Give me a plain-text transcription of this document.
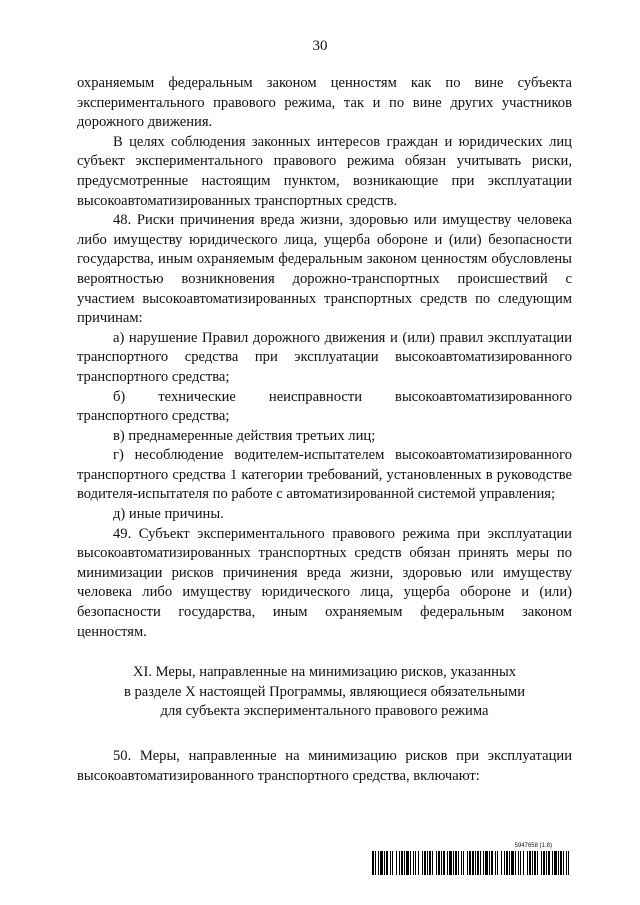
30

охраняемым федеральным законом ценностям как по вине субъекта экспериментального правового режима, так и по вине других участников дорожного движения.

В целях соблюдения законных интересов граждан и юридических лиц субъект экспериментального правового режима обязан учитывать риски, предусмотренные настоящим пунктом, возникающие при эксплуатации высокоавтоматизированных транспортных средств.

48. Риски причинения вреда жизни, здоровью или имуществу человека либо имуществу юридического лица, ущерба обороне и (или) безопасности государства, иным охраняемым федеральным законом ценностям обусловлены вероятностью возникновения дорожно-транспортных происшествий с участием высокоавтоматизированных транспортных средств по следующим причинам:

а) нарушение Правил дорожного движения и (или) правил эксплуатации транспортного средства при эксплуатации высокоавтоматизированного транспортного средства;

б) технические неисправности высокоавтоматизированного транспортного средства;

в) преднамеренные действия третьих лиц;

г) несоблюдение водителем-испытателем высокоавтоматизированного транспортного средства 1 категории требований, установленных в руководстве водителя-испытателя по работе с автоматизированной системой управления;

д) иные причины.

49. Субъект экспериментального правового режима при эксплуатации высокоавтоматизированных транспортных средств обязан принять меры по минимизации рисков причинения вреда жизни, здоровью или имуществу человека либо имуществу юридического лица, ущерба обороне и (или) безопасности государства, иным охраняемым федеральным законом ценностям.

XI. Меры, направленные на минимизацию рисков, указанных
в разделе X настоящей Программы, являющиеся обязательными
для субъекта экспериментального правового режима

50. Меры, направленные на минимизацию рисков при эксплуатации высокоавтоматизированного транспортного средства, включают:

5947658 (1.8)
